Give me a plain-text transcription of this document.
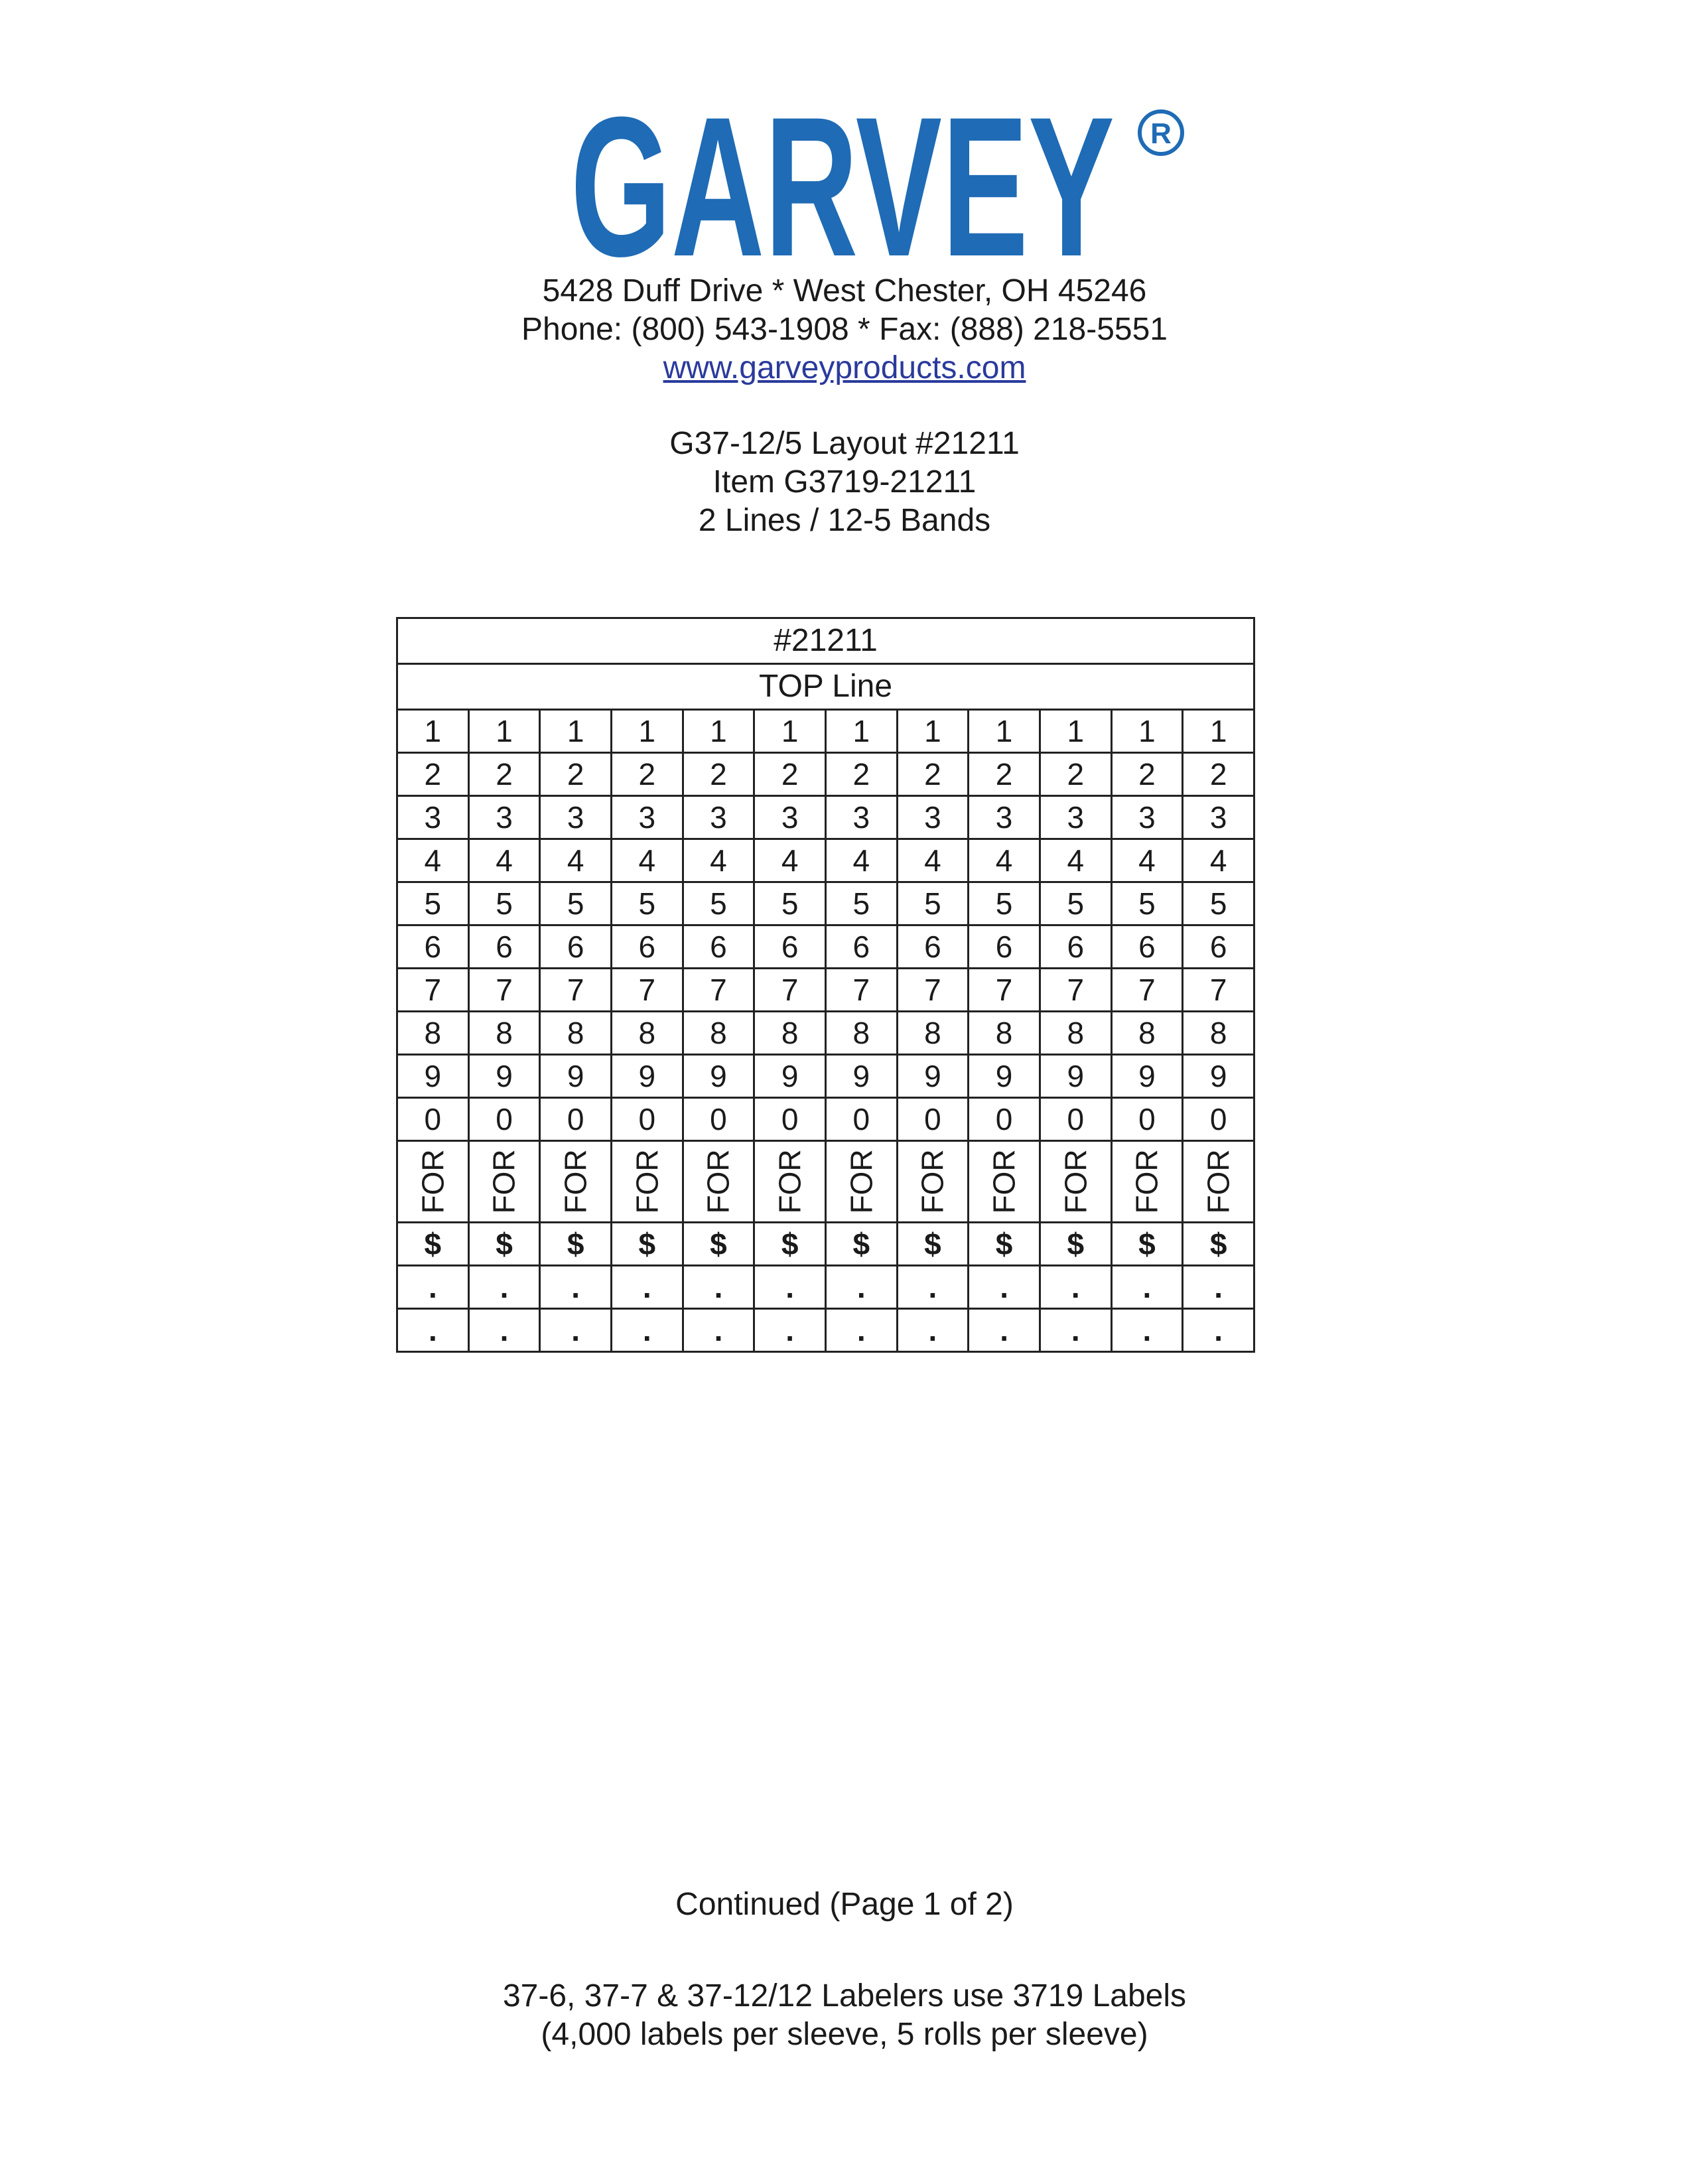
GARVEY R
5428 Duff Drive * West Chester, OH 45246
Phone: (800) 543-1908 * Fax: (888) 218-5551
www.garveyproducts.com
G37-12/5 Layout #21211
Item G3719-21211
2 Lines / 12-5 Bands
#21211											
TOP Line											
1	1	1	1	1	1	1	1	1	1	1	1
2	2	2	2	2	2	2	2	2	2	2	2
3	3	3	3	3	3	3	3	3	3	3	3
4	4	4	4	4	4	4	4	4	4	4	4
5	5	5	5	5	5	5	5	5	5	5	5
6	6	6	6	6	6	6	6	6	6	6	6
7	7	7	7	7	7	7	7	7	7	7	7
8	8	8	8	8	8	8	8	8	8	8	8
9	9	9	9	9	9	9	9	9	9	9	9
0	0	0	0	0	0	0	0	0	0	0	0
FOR	FOR	FOR	FOR	FOR	FOR	FOR	FOR	FOR	FOR	FOR	FOR
$	$	$	$	$	$	$	$	$	$	$	$
.	.	.	.	.	.	.	.	.	.	.	.
.	.	.	.	.	.	.	.	.	.	.	.
Continued (Page 1 of 2)
37-6, 37-7 & 37-12/12 Labelers use 3719 Labels
(4,000 labels per sleeve, 5 rolls per sleeve)
